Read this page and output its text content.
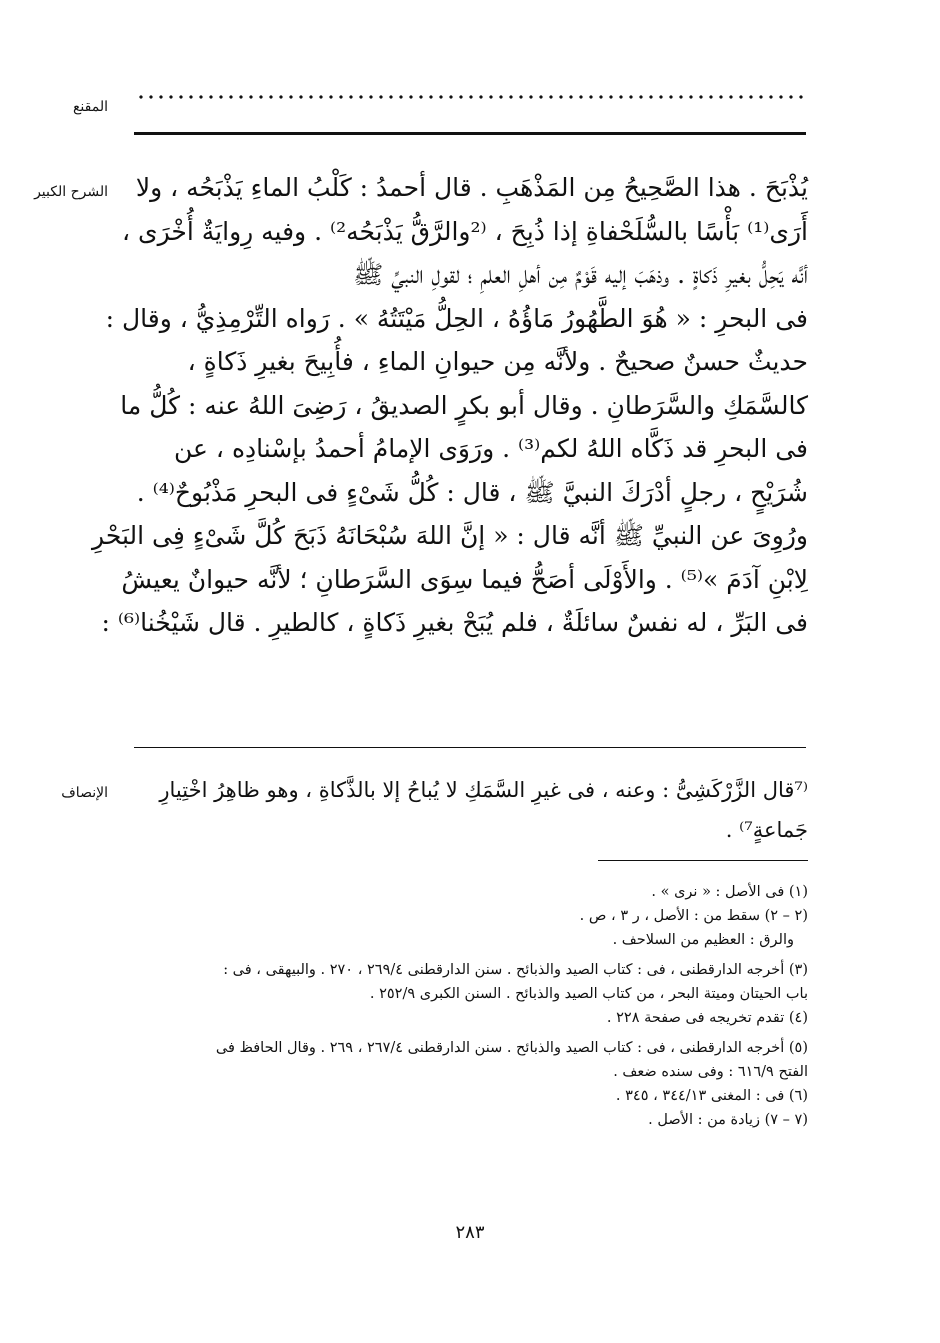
المقنع
الشرح الكبير يُذْبَحَ . هذا الصَّحِيحُ مِن المَذْهَبِ . قال أحمدُ : كَلْبُ الماءِ يَذْبَحُه ، ولا
أَرَى⁽¹⁾ بَأْسًا بالسُّلَحْفاةِ إذا ذُبِحَ ، ⁽²والرَّقُّ يَذْبَحُه²⁾ . وفيه رِوايَةٌ أُخْرَى ،
أنَّه يَحِلُّ بغيرِ ذَكاةٍ . وذهَبَ إليه قَوْمٌ مِن أهلِ العلمِ ؛ لقولِ النبيِّ ﷺ
فى البحرِ : « هُوَ الطَّهُورُ مَاؤُهُ ، الحِلُّ مَيْتَتُهُ » . رَواه التِّرْمِذِيُّ ، وقال :
حديثٌ حسنٌ صحيحٌ . ولأنَّه مِن حيوانِ الماءِ ، فأُبِيحَ بغيرِ ذَكاةٍ ،
كالسَّمَكِ والسَّرَطانِ . وقال أبو بكرٍ الصديقُ ، رَضِىَ اللهُ عنه : كُلُّ ما
فى البحرِ قد ذَكَّاه اللهُ لكم⁽³⁾ . ورَوَى الإمامُ أحمدُ بإسْنادِه ، عن
شُرَيْحٍ ، رجلٍ أدْرَكَ النبيَّ ﷺ ، قال : كُلُّ شَىْءٍ فى البحرِ مَذْبُوحٌ⁽⁴⁾ .
ورُوِىَ عن النبيِّ ﷺ أنَّه قال : « إنَّ اللهَ سُبْحَانَهُ ذَبَحَ كُلَّ شَىْءٍ فِى البَحْرِ
لِابْنِ آدَمَ »⁽⁵⁾ . والأَوْلَى أصَحُّ فيما سِوَى السَّرَطانِ ؛ لأنَّه حيوانٌ يعيشُ
فى البَرِّ ، له نفسٌ سائلَةٌ ، فلم يُبَحْ بغيرِ ذَكاةٍ ، كالطيرِ . قال شَيْخُنا⁽⁶⁾ :
الإنصاف	⁽⁷قال الزَّرْكَشِىُّ : وعنه ، فى غيرِ السَّمَكِ لا يُباحُ إلا بالذَّكاةِ ، وهو ظاهِرُ اخْتِيارِ
جَماعةٍ⁷⁾ .
(١) فى الأصل : « نرى » .
(٢ – ٢) سقط من : الأصل ، ر ٣ ، ص .
والرق : العظيم من السلاحف .
(٣) أخرجه الدارقطنى ، فى : كتاب الصيد والذبائح . سنن الدارقطنى ٢٦٩/٤ ، ٢٧٠ . والبيهقى ، فى :
باب الحيتان وميتة البحر ، من كتاب الصيد والذبائح . السنن الكبرى ٢٥٢/٩ .
(٤) تقدم تخريجه فى صفحة ٢٢٨ .
(٥) أخرجه الدارقطنى ، فى : كتاب الصيد والذبائح . سنن الدارقطنى ٢٦٧/٤ ، ٢٦٩ . وقال الحافظ فى
الفتح ٦١٦/٩ : وفى سنده ضعف .
(٦) فى : المغنى ٣٤٤/١٣ ، ٣٤٥ .
(٧ – ٧) زيادة من : الأصل .
٢٨٣
